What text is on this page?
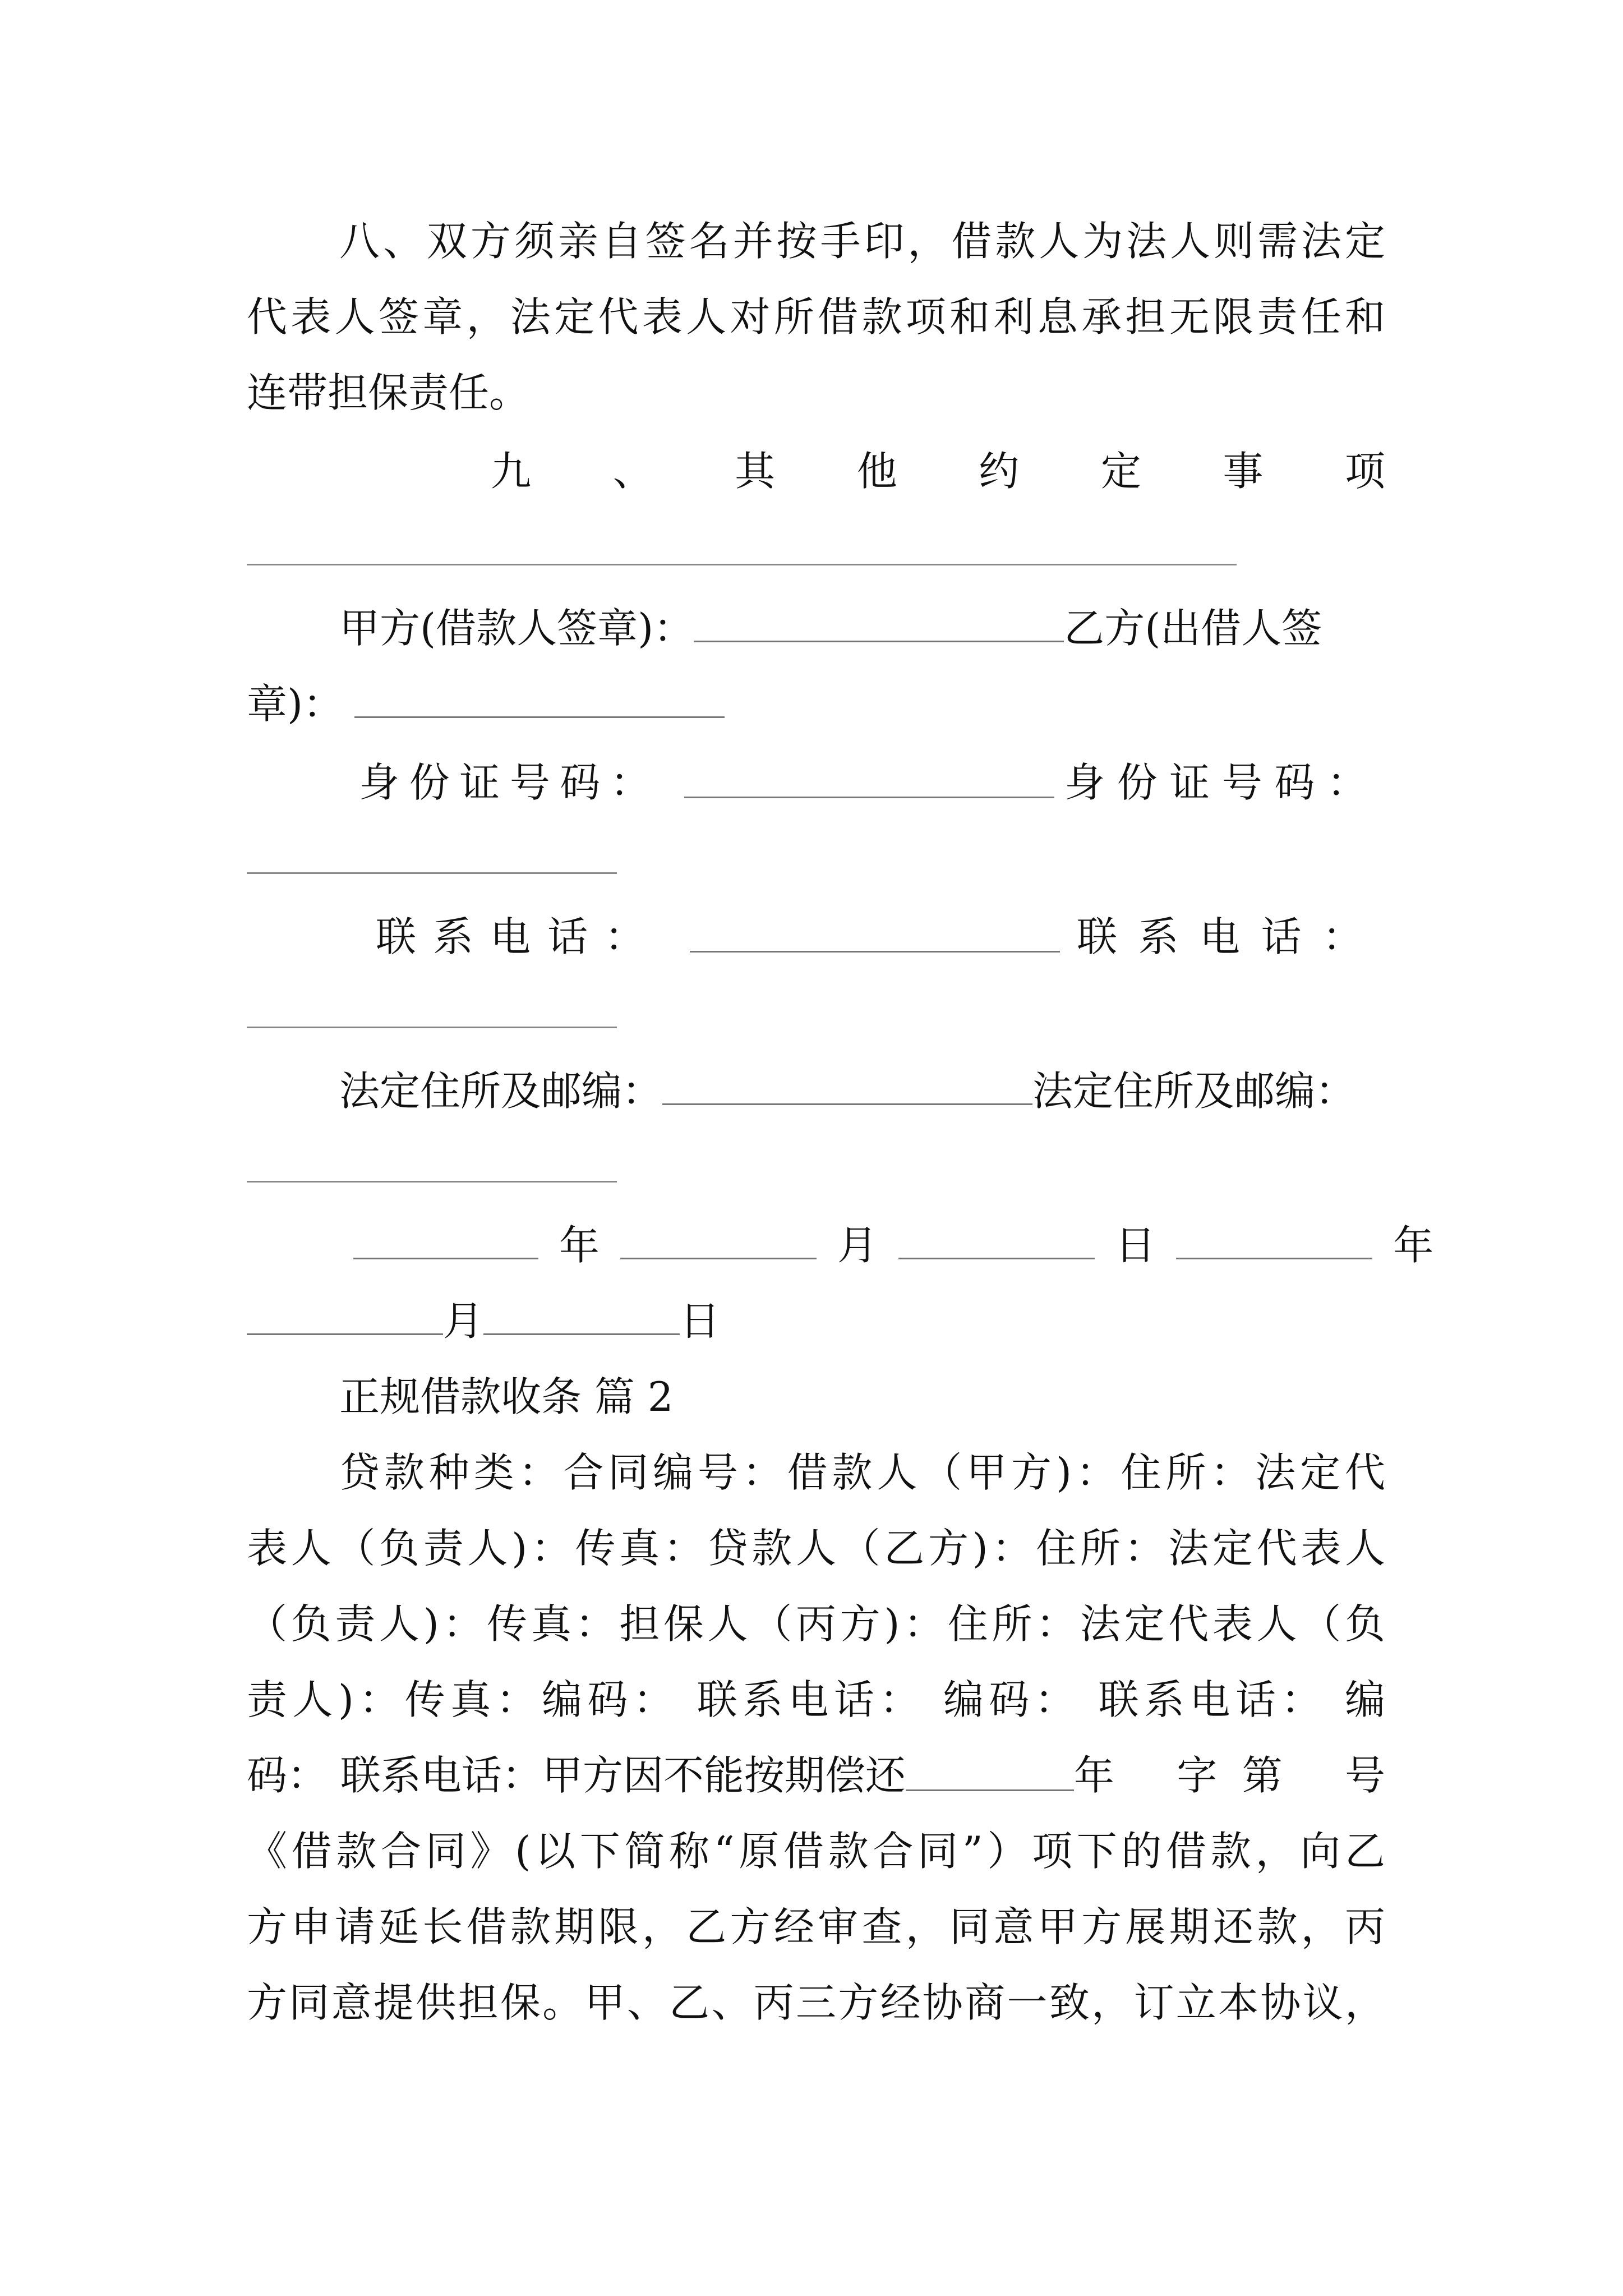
八、双方须亲自签名并按手印，借款人为法人则需法定
代表人签章，法定代表人对所借款项和利息承担无限责任和
连带担保责任。
九 、 其 他 约 定 事 项
甲方(借款人签章)：	乙方(出借人签
章)：
身 份 证 号 码 ：	身 份 证 号 码 ：
联 系 电 话 ：	联 系 电 话 ：
法定住所及邮编：	法定住所及邮编：
年	月	日	年
月	日
正规借款收条 篇 2
贷款种类：合同编号：借款人（甲方)：住所：法定代
表人（负责人)：传真：贷款人（乙方)：住所：法定代表人
（负责人)：传真：担保人（丙方)：住所：法定代表人（负
责人)：传真：编码： 联系电话： 编码： 联系电话： 编
码： 联系电话：甲方因不能按期偿还	年 字第 号
《借款合同》(以下简称“原借款合同”）项下的借款，向乙
方申请延长借款期限，乙方经审查，同意甲方展期还款，丙
方同意提供担保。甲、乙、丙三方经协商一致，订立本协议，
